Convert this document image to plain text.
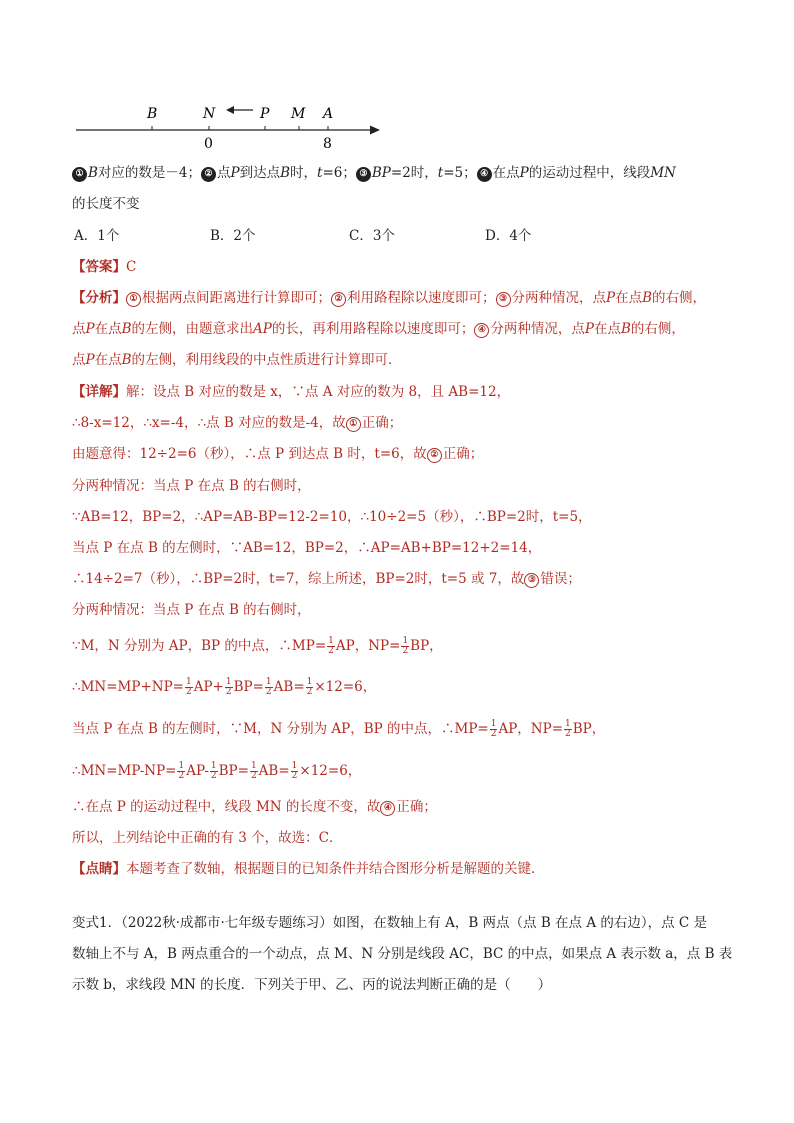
B	N	P M A
0	8
① B对应的数是－4； ② 点P到达点B时，t=6； ③ BP=2时，t=5； ④ 在点P的运动过程中，线段MN
的长度不变
A．1个	B．2个	C．3个	D．4个
【答案】C
【分析】 ① 根据两点间距离进行计算即可； ② 利用路程除以速度即可； ③ 分两种情况，点P在点B的右侧，
点P在点B的左侧，由题意求出AP的长，再利用路程除以速度即可； ④ 分两种情况，点P在点B的右侧，
点P在点B的左侧，利用线段的中点性质进行计算即可．
【详解】解：设点 B 对应的数是 x，∵点 A 对应的数为 8，且 AB=12，
∴8-x=12，∴x=-4，∴点 B 对应的数是-4，故 ① 正确；
由题意得：12÷2=6（秒），∴点 P 到达点 B 时，t=6，故 ② 正确；
分两种情况：当点 P 在点 B 的右侧时，
∵AB=12，BP=2，∴AP=AB-BP=12-2=10，∴10÷2=5（秒），∴BP=2时，t=5，
当点 P 在点 B 的左侧时，∵AB=12，BP=2，∴AP=AB+BP=12+2=14，
∴14÷2=7（秒），∴BP=2时，t=7，综上所述，BP=2时，t=5 或 7，故 ③ 错误；
分两种情况：当点 P 在点 B 的右侧时，
∵M，N 分别为 AP，BP 的中点，∴MP= $\frac{1}{2}$ AP，$NP= \frac{1}{2}$ BP，
∴MN=MP+NP= $\frac{1}{2} AP+ \frac{1}{2} BP= \frac{1}{2} AB= \frac{1}{2} \times 12=6$，
当点 P 在点 B 的左侧时，∵M，N 分别为 AP，BP 的中点，∴MP= $\frac{1}{2}$ AP，$NP= \frac{1}{2}$ BP，
∴MN=MP-NP= $\frac{1}{2} AP- \frac{1}{2} BP= \frac{1}{2} AB= \frac{1}{2} \times 12=6$，
∴在点 P 的运动过程中，线段 MN 的长度不变，故 ④ 正确；
所以，上列结论中正确的有 3 个，故选：C．
【点睛】本题考查了数轴，根据题目的已知条件并结合图形分析是解题的关键．
变式1．（2022秋·成都市·七年级专题练习）如图，在数轴上有 A，B 两点（点 B 在点 A 的右边），点 C 是
数轴上不与 A，B 两点重合的一个动点，点 M、N 分别是线段 AC，BC 的中点，如果点 A 表示数 a，点 B 表
示数 b，求线段 MN 的长度．下列关于甲、乙、丙的说法判断正确的是（　　）
